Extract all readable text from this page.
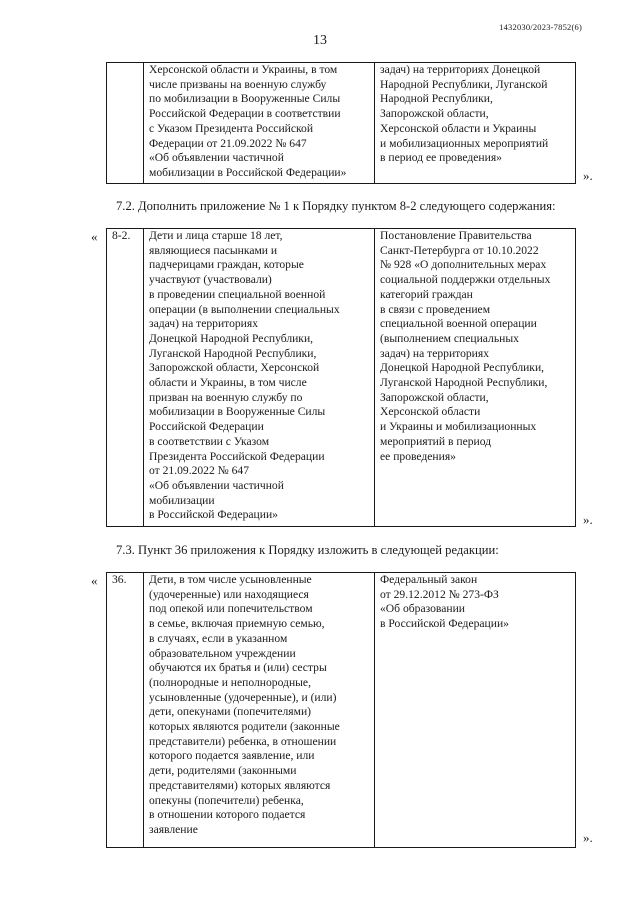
1432030/2023-7852(6)
13
	Херсонской области и Украины, в том
числе призваны на военную службу
по мобилизации в Вооруженные Силы
Российской Федерации в соответствии
с Указом Президента Российской
Федерации от 21.09.2022 № 647
«Об объявлении частичной
мобилизации в Российской Федерации»	задач) на территориях Донецкой
Народной Республики, Луганской
Народной Республики,
Запорожской области,
Херсонской области и Украины
и мобилизационных мероприятий
в период ее проведения»
».
7.2. Дополнить приложение № 1 к Порядку пунктом 8-2 следующего содержания:
« 8-2.	Дети и лица старше 18 лет,
являющиеся пасынками и
падчерицами граждан, которые
участвуют (участвовали)
в проведении специальной военной
операции (в выполнении специальных
задач) на территориях
Донецкой Народной Республики,
Луганской Народной Республики,
Запорожской области, Херсонской
области и Украины, в том числе
призван на военную службу по
мобилизации в Вооруженные Силы
Российской Федерации
в соответствии с Указом
Президента Российской Федерации
от 21.09.2022 № 647
«Об объявлении частичной
мобилизации
в Российской Федерации»	Постановление Правительства
Санкт-Петербурга от 10.10.2022
№ 928 «О дополнительных мерах
социальной поддержки отдельных
категорий граждан
в связи с проведением
специальной военной операции
(выполнением специальных
задач) на территориях
Донецкой Народной Республики,
Луганской Народной Республики,
Запорожской области,
Херсонской области
и Украины и мобилизационных
мероприятий в период
ее проведения»
».
7.3. Пункт 36 приложения к Порядку изложить в следующей редакции:
« 36.	Дети, в том числе усыновленные
(удочеренные) или находящиеся
под опекой или попечительством
в семье, включая приемную семью,
в случаях, если в указанном
образовательном учреждении
обучаются их братья и (или) сестры
(полнородные и неполнородные,
усыновленные (удочеренные), и (или)
дети, опекунами (попечителями)
которых являются родители (законные
представители) ребенка, в отношении
которого подается заявление, или
дети, родителями (законными
представителями) которых являются
опекуны (попечители) ребенка,
в отношении которого подается
заявление	Федеральный закон
от 29.12.2012 № 273-ФЗ
«Об образовании
в Российской Федерации»
».
